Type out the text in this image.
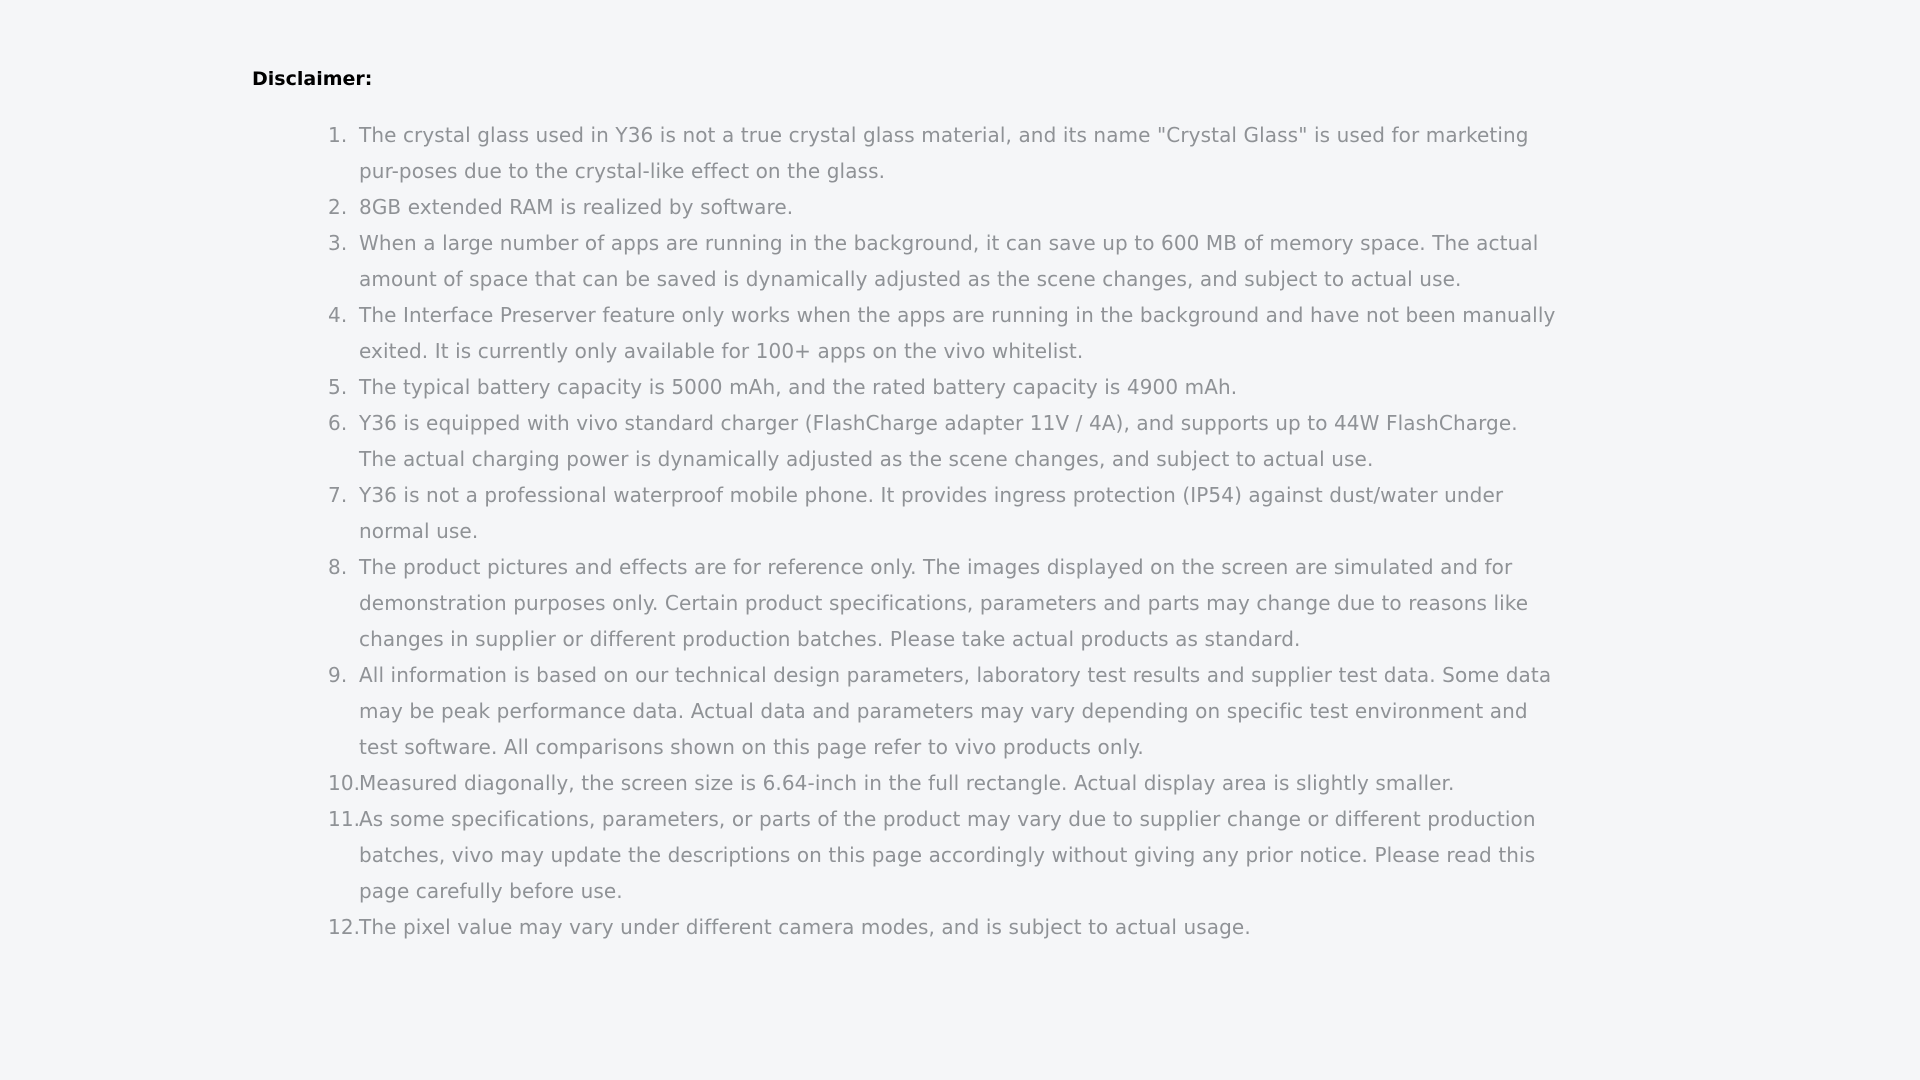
Disclaimer:
1. The crystal glass used in Y36 is not a true crystal glass material, and its name "Crystal Glass" is used for marketing pur-poses due to the crystal-like effect on the glass.
2. 8GB extended RAM is realized by software.
3. When a large number of apps are running in the background, it can save up to 600 MB of memory space. The actual amount of space that can be saved is dynamically adjusted as the scene changes, and subject to actual use.
4. The Interface Preserver feature only works when the apps are running in the background and have not been manually exited. It is currently only available for 100+ apps on the vivo whitelist.
5. The typical battery capacity is 5000 mAh, and the rated battery capacity is 4900 mAh.
6. Y36 is equipped with vivo standard charger (FlashCharge adapter 11V / 4A), and supports up to 44W FlashCharge. The actual charging power is dynamically adjusted as the scene changes, and subject to actual use.
7. Y36 is not a professional waterproof mobile phone. It provides ingress protection (IP54) against dust/water under normal use.
8. The product pictures and effects are for reference only. The images displayed on the screen are simulated and for demonstration purposes only. Certain product specifications, parameters and parts may change due to reasons like changes in supplier or different production batches. Please take actual products as standard.
9. All information is based on our technical design parameters, laboratory test results and supplier test data. Some data may be peak performance data. Actual data and parameters may vary depending on specific test environment and test software. All comparisons shown on this page refer to vivo products only.
10.
Measured diagonally, the screen size is 6.64-inch in the full rectangle. Actual display area is slightly smaller.
11.
As some specifications, parameters, or parts of the product may vary due to supplier change or different production batches, vivo may update the descriptions on this page accordingly without giving any prior notice. Please read this page carefully before use.
12.
The pixel value may vary under different camera modes, and is subject to actual usage.
